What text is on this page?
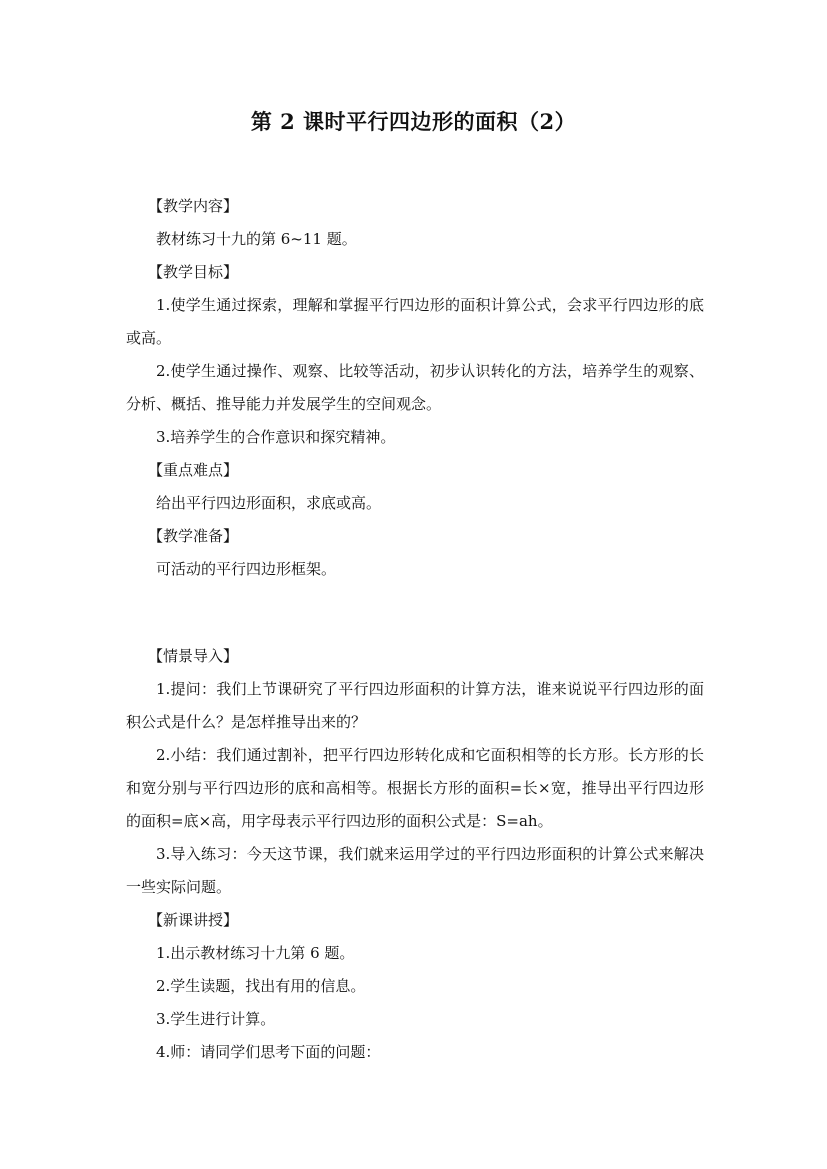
第 2 课时平行四边形的面积（2）

【教学内容】

教材练习十九的第 6~11 题。

【教学目标】

1.使学生通过探索，理解和掌握平行四边形的面积计算公式，会求平行四边形的底或高。

2.使学生通过操作、观察、比较等活动，初步认识转化的方法，培养学生的观察、分析、概括、推导能力并发展学生的空间观念。

3.培养学生的合作意识和探究精神。

【重点难点】

给出平行四边形面积，求底或高。

【教学准备】

可活动的平行四边形框架。

【情景导入】

1.提问：我们上节课研究了平行四边形面积的计算方法，谁来说说平行四边形的面积公式是什么？是怎样推导出来的？

2.小结：我们通过割补，把平行四边形转化成和它面积相等的长方形。长方形的长和宽分别与平行四边形的底和高相等。根据长方形的面积=长×宽，推导出平行四边形的面积=底×高，用字母表示平行四边形的面积公式是：S=ah。

3.导入练习：今天这节课，我们就来运用学过的平行四边形面积的计算公式来解决一些实际问题。

【新课讲授】

1.出示教材练习十九第 6 题。

2.学生读题，找出有用的信息。

3.学生进行计算。

4.师：请同学们思考下面的问题：
